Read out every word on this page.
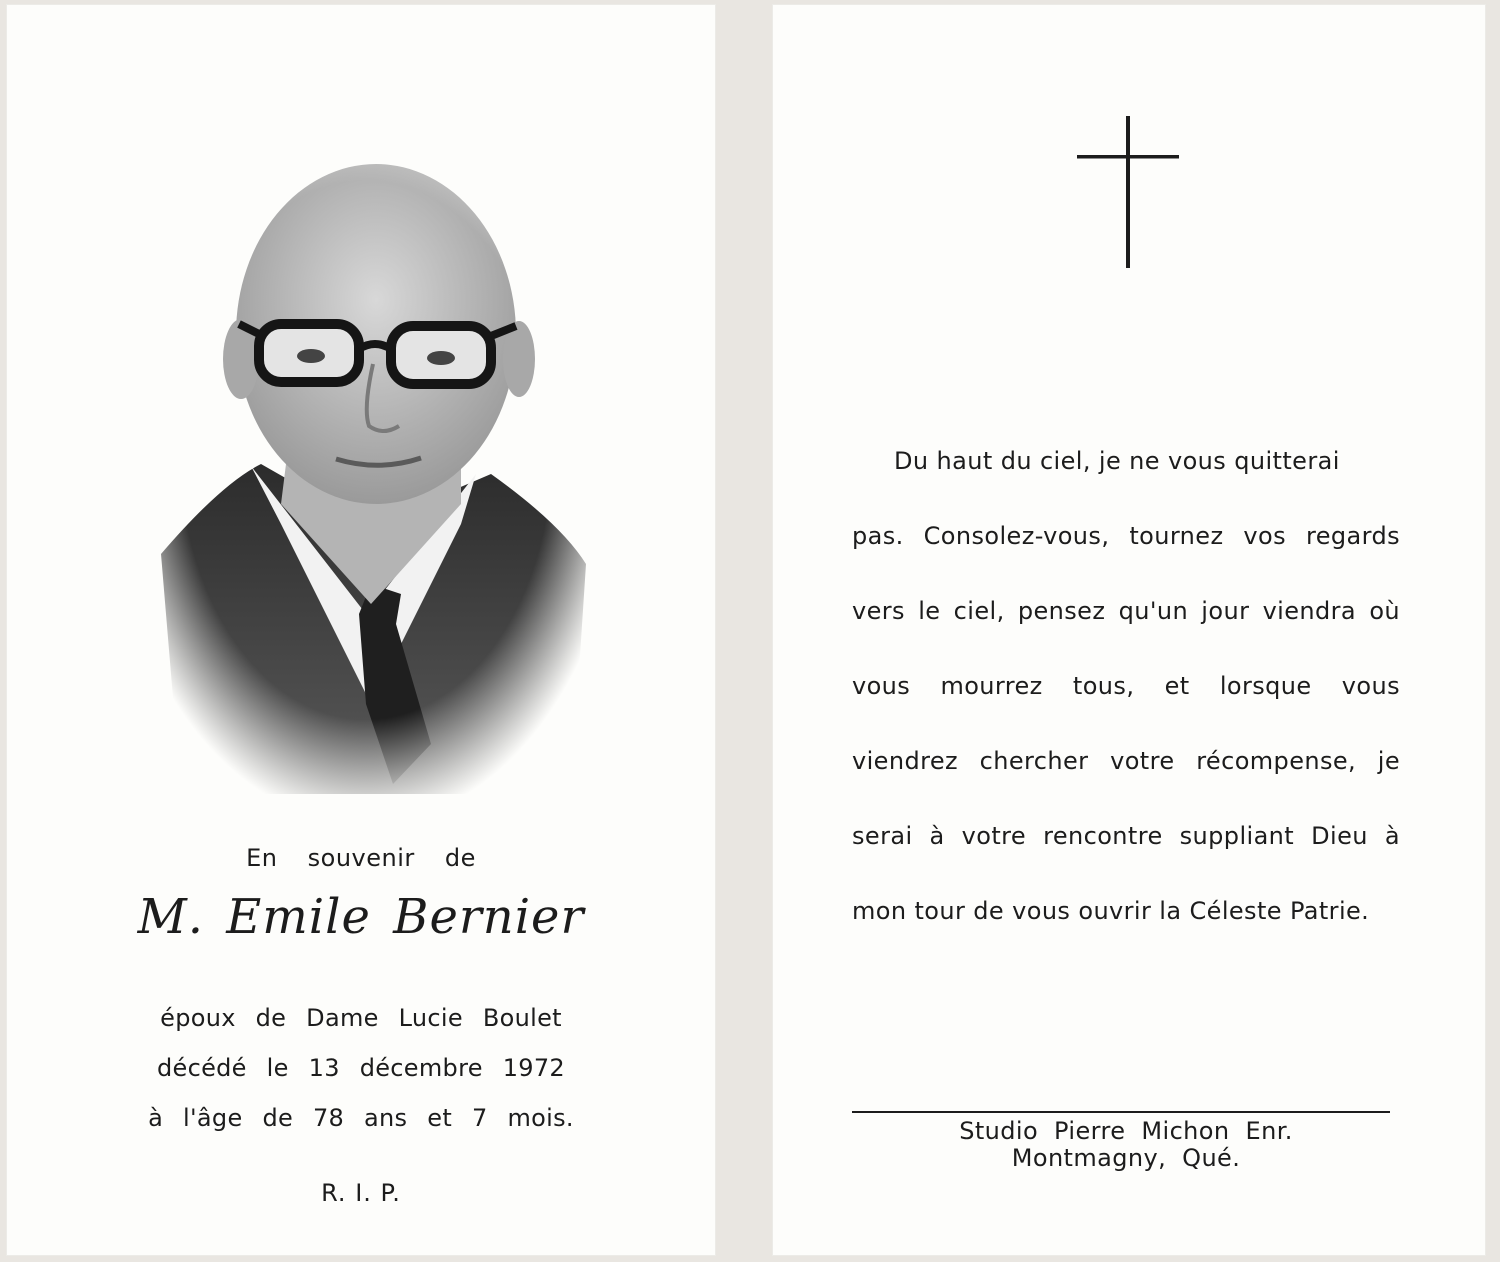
En souvenir de
M. Emile Bernier
époux de Dame Lucie Boulet
décédé le 13 décembre 1972
à l'âge de 78 ans et 7 mois.
R. I. P.

Du haut du ciel, je ne vous quitterai
pas. Consolez-vous, tournez vos regards vers le ciel, pensez qu'un jour viendra où vous mourrez tous, et lorsque vous viendrez chercher votre récompense, je serai à votre rencontre suppliant Dieu à mon tour de vous ouvrir la Céleste Patrie.

Studio Pierre Michon Enr.
Montmagny, Qué.
